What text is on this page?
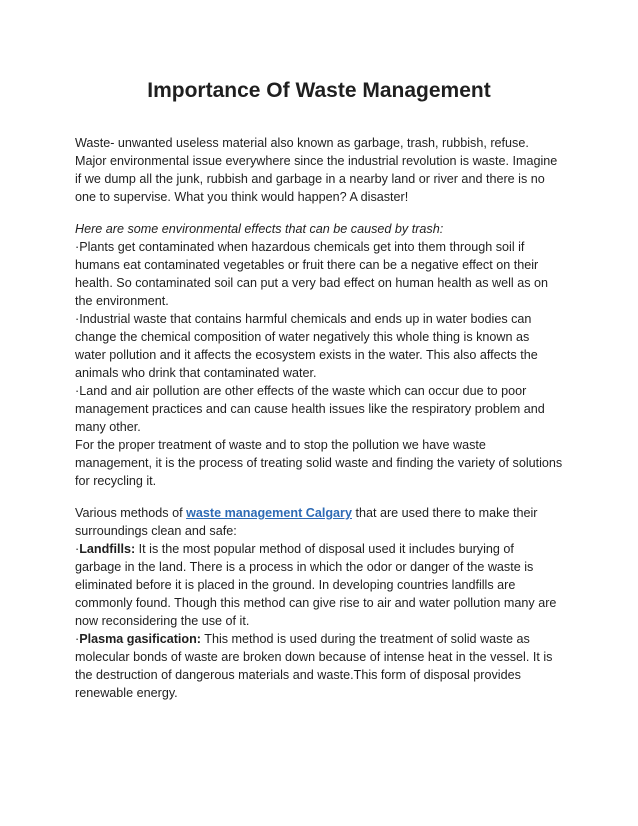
Importance Of Waste Management

Waste- unwanted useless material also known as garbage, trash, rubbish, refuse. Major environmental issue everywhere since the industrial revolution is waste. Imagine if we dump all the junk, rubbish and garbage in a nearby land or river and there is no one to supervise. What you think would happen? A disaster!

Here are some environmental effects that can be caused by trash:

·Plants get contaminated when hazardous chemicals get into them through soil if humans eat contaminated vegetables or fruit there can be a negative effect on their health. So contaminated soil can put a very bad effect on human health as well as on the environment.

·Industrial waste that contains harmful chemicals and ends up in water bodies can change the chemical composition of water negatively this whole thing is known as water pollution and it affects the ecosystem exists in the water. This also affects the animals who drink that contaminated water.

·Land and air pollution are other effects of the waste which can occur due to poor management practices and can cause health issues like the respiratory problem and many other.

For the proper treatment of waste and to stop the pollution we have waste management, it is the process of treating solid waste and finding the variety of solutions for recycling it.

Various methods of waste management Calgary that are used there to make their surroundings clean and safe:

·Landfills: It is the most popular method of disposal used it includes burying of garbage in the land. There is a process in which the odor or danger of the waste is eliminated before it is placed in the ground. In developing countries landfills are commonly found. Though this method can give rise to air and water pollution many are now reconsidering the use of it.

·Plasma gasification: This method is used during the treatment of solid waste as molecular bonds of waste are broken down because of intense heat in the vessel. It is the destruction of dangerous materials and waste.This form of disposal provides renewable energy.
